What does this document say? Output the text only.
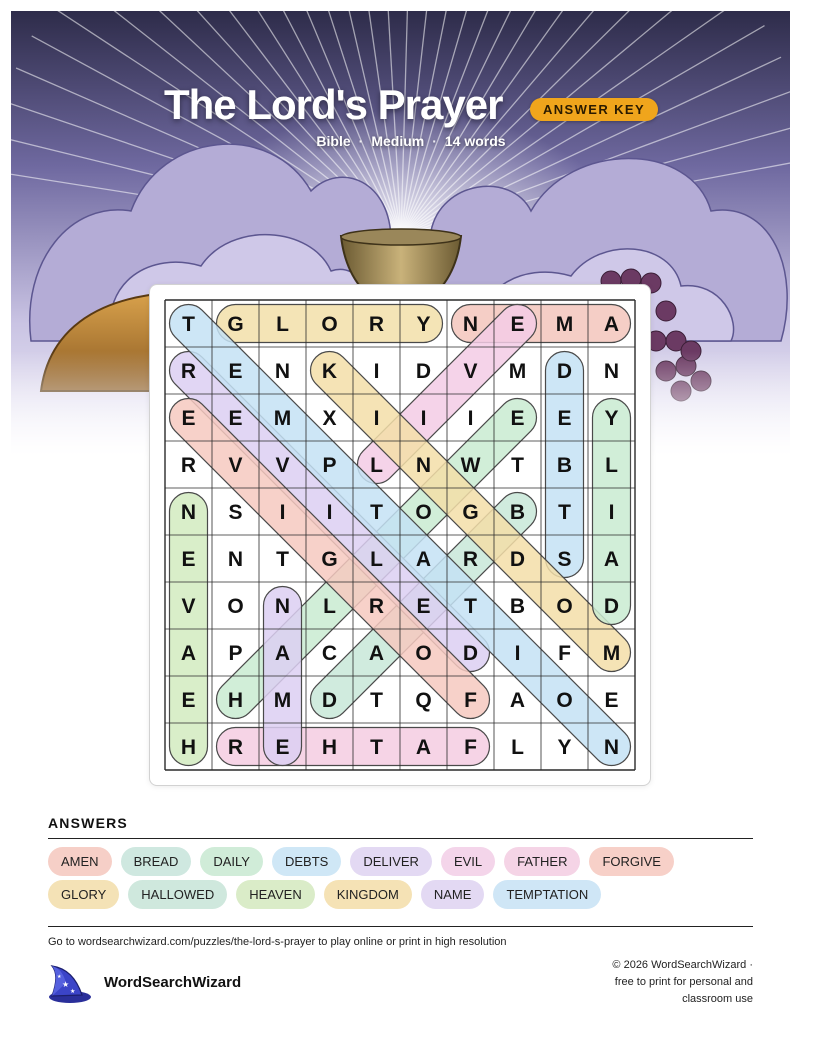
The Lord's Prayer	ANSWER KEY
Bible · Medium · 14 words
T G L O R Y N E M A
R E N K I D V M D N
E E M X I I I E E Y
R V V P L N W T B L
N S I I T O G B T I
E N T G L A R D S A
V O N L R E T B O D
A P A C A O D I F M
E H M D T Q F A O E
H R E H T A F L Y N
ANSWERS
AMEN	BREAD	DAILY	DEBTS	DELIVER	EVIL	FATHER	FORGIVE
GLORY	HALLOWED	HEAVEN	KINGDOM	NAME	TEMPTATION
Go to wordsearchwizard.com/puzzles/the-lord-s-prayer to play online or print in high resolution
★
★
★	WordSearchWizard
© 2026 WordSearchWizard ·
free to print for personal and
classroom use
